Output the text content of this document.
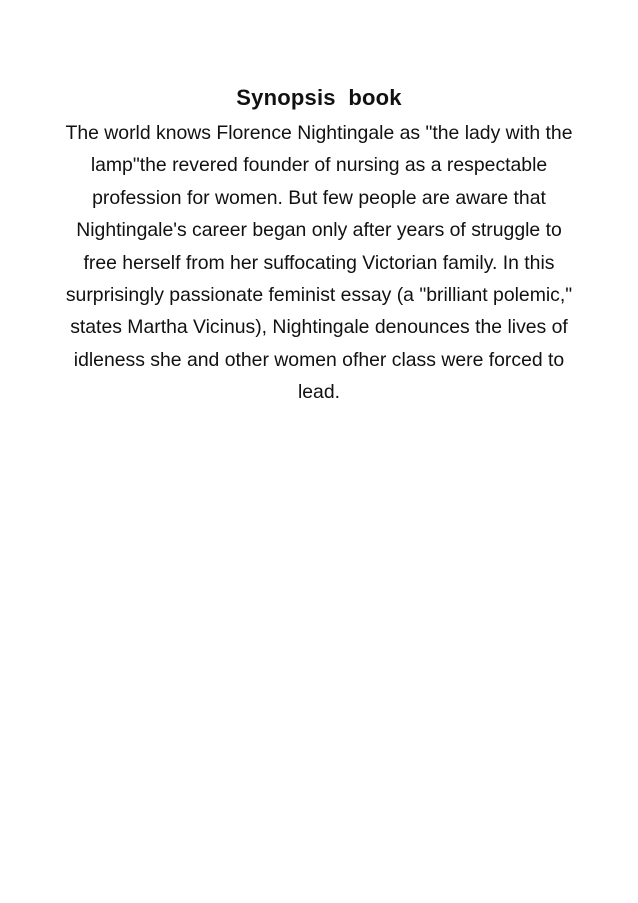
Synopsis  book

The world knows Florence Nightingale as "the lady with the
lamp"the revered founder of nursing as a respectable
profession for women. But few people are aware that
Nightingale's career began only after years of struggle to
free herself from her suffocating Victorian family. In this
surprisingly passionate feminist essay (a "brilliant polemic,"
states Martha Vicinus), Nightingale denounces the lives of
idleness she and other women ofher class were forced to
lead.
